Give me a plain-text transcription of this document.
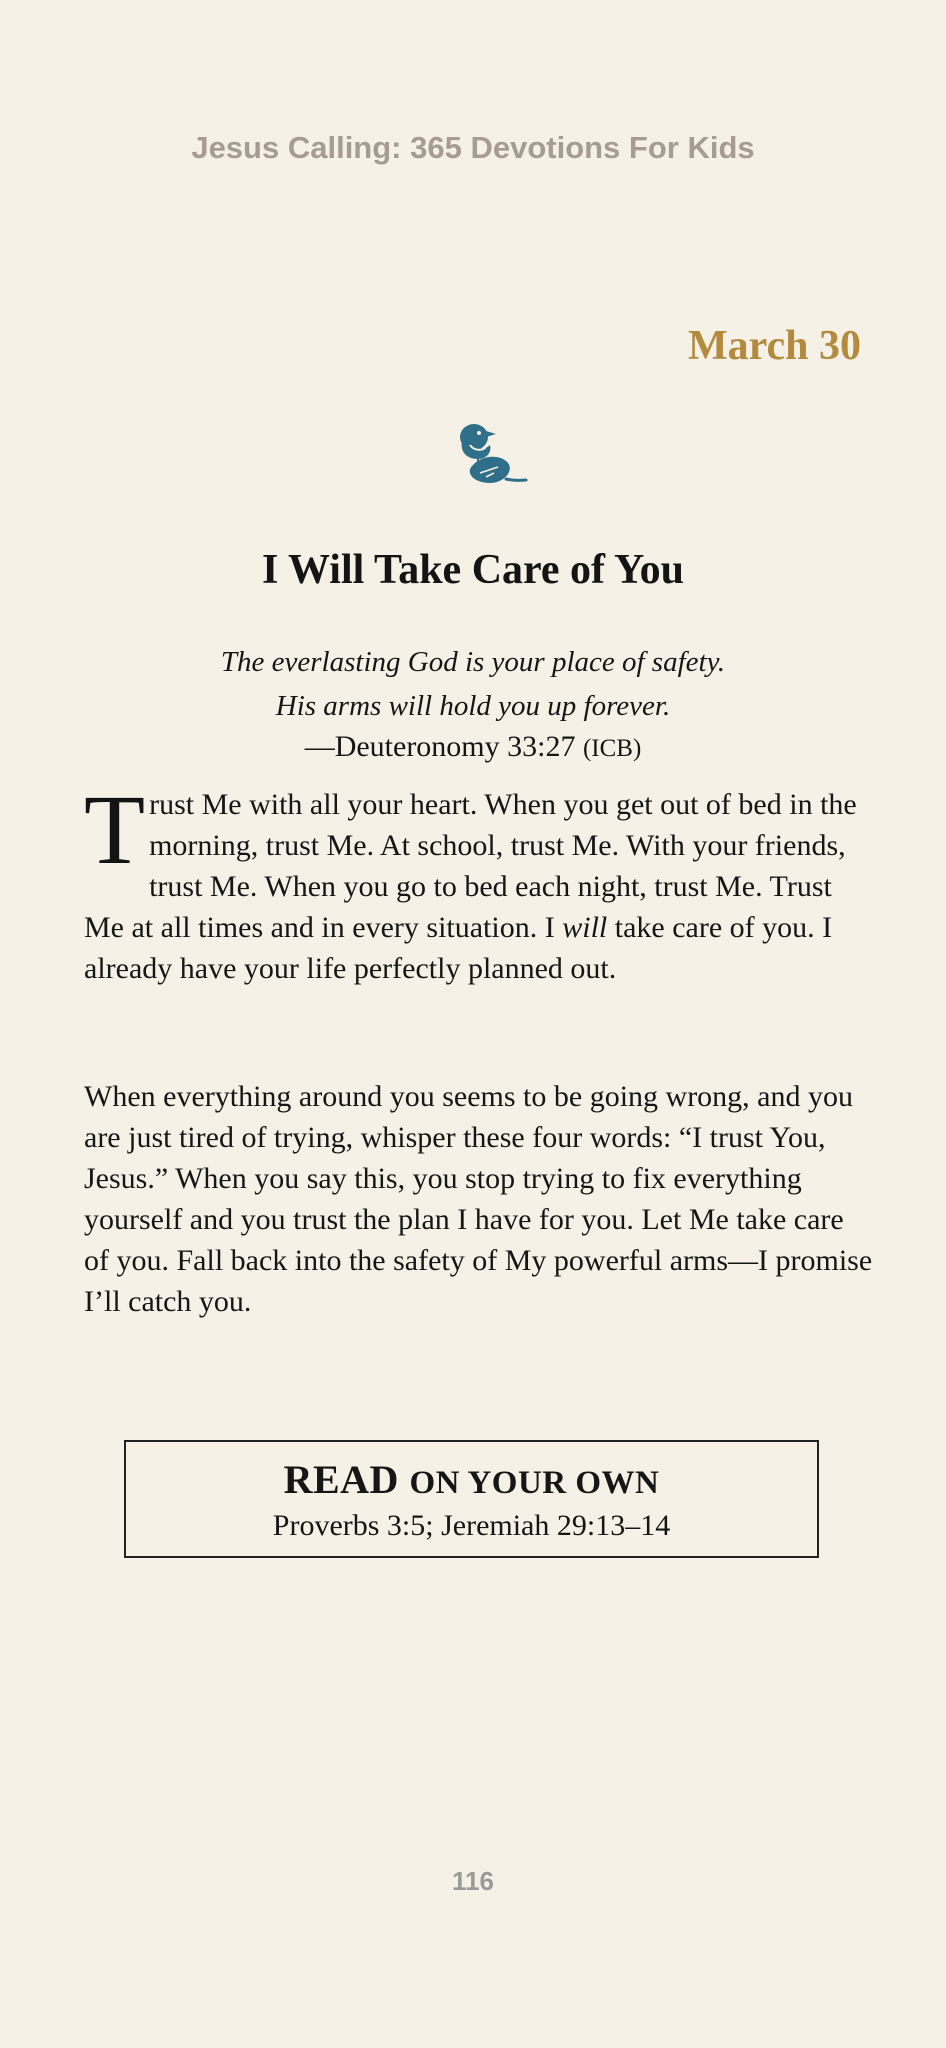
Jesus Calling: 365 Devotions For Kids
March 30
I Will Take Care of You
The everlasting God is your place of safety.
His arms will hold you up forever.
—Deuteronomy 33:27 (ICB)

Trust Me with all your heart. When you get out of bed in the morning, trust Me. At school, trust Me. With your friends, trust Me. When you go to bed each night, trust Me. Trust Me at all times and in every situation. I will take care of you. I already have your life perfectly planned out.

When everything around you seems to be going wrong, and you are just tired of trying, whisper these four words: “I trust You, Jesus.” When you say this, you stop trying to fix everything yourself and you trust the plan I have for you. Let Me take care of you. Fall back into the safety of My powerful arms—I promise I’ll catch you.

READ ON YOUR OWN
Proverbs 3:5; Jeremiah 29:13–14
116
